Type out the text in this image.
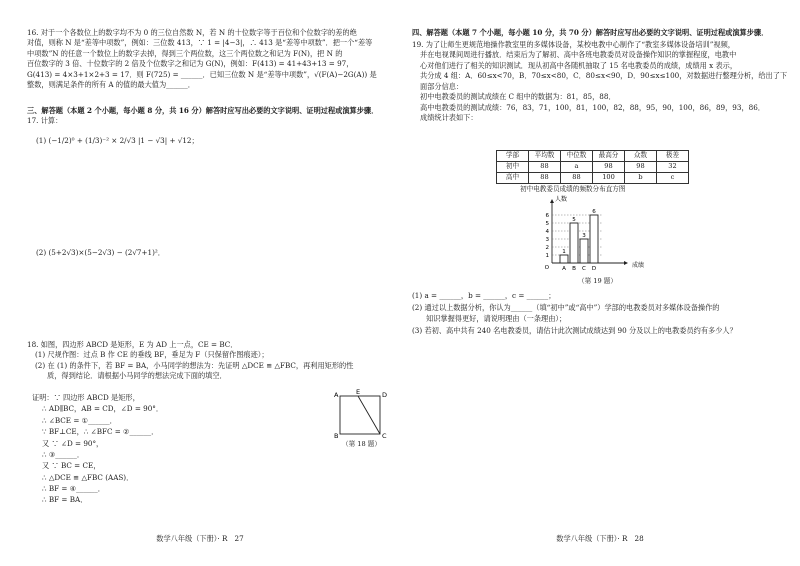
16. 对于一个各数位上的数字均不为 0 的三位自然数 N，若 N 的十位数字等于百位和个位数字的差的绝

对值，则称 N 是“差等中项数”，例如：三位数 413，∵ 1 = |4−3|，∴ 413 是“差等中项数”．把一个“差等

中项数”N 的任意一个数位上的数字去掉，得到三个两位数，这三个两位数之和记为 F(N)，把 N 的

百位数字的 3 倍、十位数字的 2 倍及个位数字之和记为 G(N)，例如：F(413) = 41+43+13 = 97，

G(413) = 4×3+1×2+3 = 17．则 F(725) = ______．已知三位数 N 是“差等中项数”，√(F(A)−2G(A)) 是

整数，则满足条件的所有 A 的值的最大值为______．

三、解答题（本题 2 个小题，每小题 8 分，共 16 分）解答时应写出必要的文字说明、证明过程或演算步骤．

17. 计算：

(1) (−1/2)⁰ + (1/3)⁻² × 2/√3 |1 − √3| + √12；

(2) (5+2√3)×(5−2√3) − (2√7+1)²．

18. 如图，四边形 ABCD 是矩形，E 为 AD 上一点，CE = BC．

(1) 尺规作图：过点 B 作 CE 的垂线 BF，垂足为 F（只保留作图痕迹）；

(2) 在 (1) 的条件下，若 BF = BA，小马同学的想法为：先证明 △DCE ≌ △FBC，再利用矩形的性

质，得到结论．请根据小马同学的想法完成下面的填空．

证明：∵ 四边形 ABCD 是矩形，

∴ AD∥BC，AB = CD，∠D = 90°．

∴ ∠BCE = ①______．

∵ BF⊥CE，∴ ∠BFC = ②______．

又 ∵ ∠D = 90°，

∴ ③______．

又 ∵ BC = CE，

∴ △DCE ≌ △FBC (AAS)．

∴ BF = ④______．

∴ BF = BA．

A	E	D
B	C
（第 18 题）
数学八年级（下册）· R　27

四、解答题（本题 7 个小题，每小题 10 分，共 70 分）解答时应写出必要的文字说明、证明过程或演算步骤．

19. 为了让师生更规范地操作教室里的多媒体设备，某校电教中心制作了“教室多媒体设备培训”视频，

并在电视课间周进行播放．结束后为了解初、高中各班电教委员对设备操作知识的掌握程度，电教中

心对他们进行了相关的知识测试．现从初高中各随机抽取了 15 名电教委员的成绩，成绩用 x 表示，

共分成 4 组：A．60≤x<70，B．70≤x<80，C．80≤x<90，D．90≤x≤100，对数据进行整理分析，给出了下

面部分信息：

初中电教委员的测试成绩在 C 组中的数据为：81，85，88．

高中电教委员的测试成绩：76，83，71，100，81，100，82，88，95，90，100，86，89，93，86．

成绩统计表如下：

学部	平均数	中位数	最高分	众数	极差
初中	88	a	98	98	32
高中	88	88	100	b	c
初中电教委员成绩的频数分布直方图
1
2
3
4
5
6
O
人数
成绩
1
A
5
B
3
C
6
D
（第 19 题）

(1) a = ______，b = ______，c = ______；

(2) 通过以上数据分析，你认为______（填“初中”或“高中”）学部的电教委员对多媒体设备操作的

知识掌握得更好，请说明理由（一条理由）；

(3) 若初、高中共有 240 名电教委员，请估计此次测试成绩达到 90 分及以上的电教委员约有多少人？

数学八年级（下册）· R　28
